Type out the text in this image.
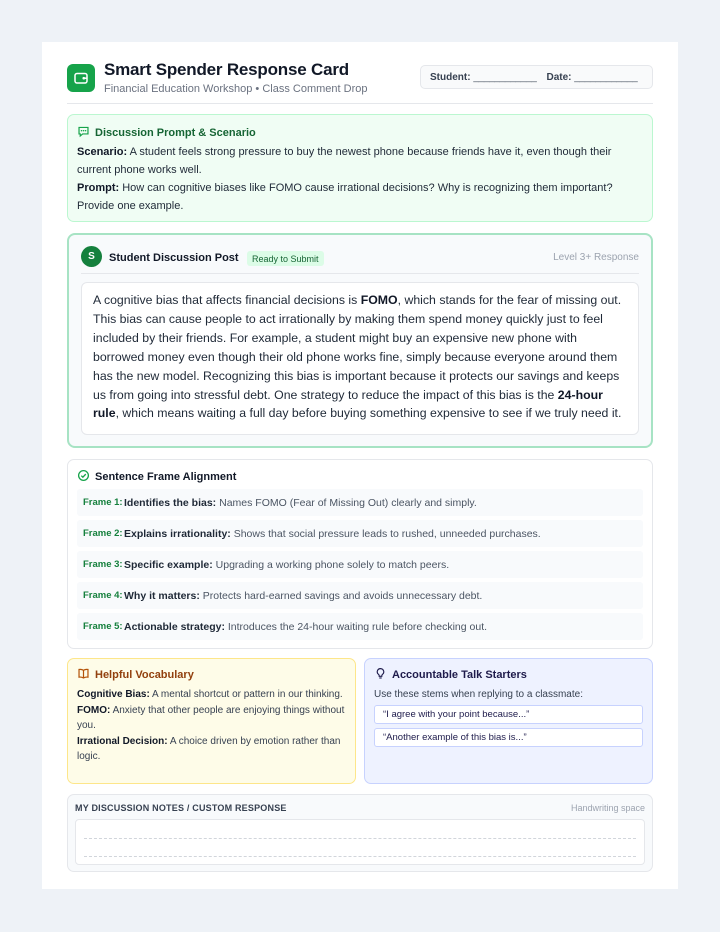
Smart Spender Response Card
Financial Education Workshop • Class Comment Drop
Student: ____________ Date: ____________
Discussion Prompt & Scenario

Scenario: A student feels strong pressure to buy the newest phone because friends have it, even though their current phone works well.

Prompt: How can cognitive biases like FOMO cause irrational decisions? Why is recognizing them important? Provide one example.

S	Student Discussion Post	Ready to Submit	Level 3+ Response
A cognitive bias that affects financial decisions is FOMO, which stands for the fear of missing out. This bias can cause people to act irrationally by making them spend money quickly just to feel included by their friends. For example, a student might buy an expensive new phone with borrowed money even though their old phone works fine, simply because everyone around them has the new model. Recognizing this bias is important because it protects our savings and keeps us from going into stressful debt. One strategy to reduce the impact of this bias is the 24-hour rule, which means waiting a full day before buying something expensive to see if we truly need it.
Sentence Frame Alignment
Frame 1: Identifies the bias: Names FOMO (Fear of Missing Out) clearly and simply.
Frame 2: Explains irrationality: Shows that social pressure leads to rushed, unneeded purchases.
Frame 3: Specific example: Upgrading a working phone solely to match peers.
Frame 4: Why it matters: Protects hard-earned savings and avoids unnecessary debt.
Frame 5: Actionable strategy: Introduces the 24-hour waiting rule before checking out.
Helpful Vocabulary
Cognitive Bias: A mental shortcut or pattern in our thinking.
FOMO: Anxiety that other people are enjoying things without you.
Irrational Decision: A choice driven by emotion rather than logic.
Accountable Talk Starters
Use these stems when replying to a classmate:
“I agree with your point because...”
“Another example of this bias is...”
MY DISCUSSION NOTES / CUSTOM RESPONSE	Handwriting space
